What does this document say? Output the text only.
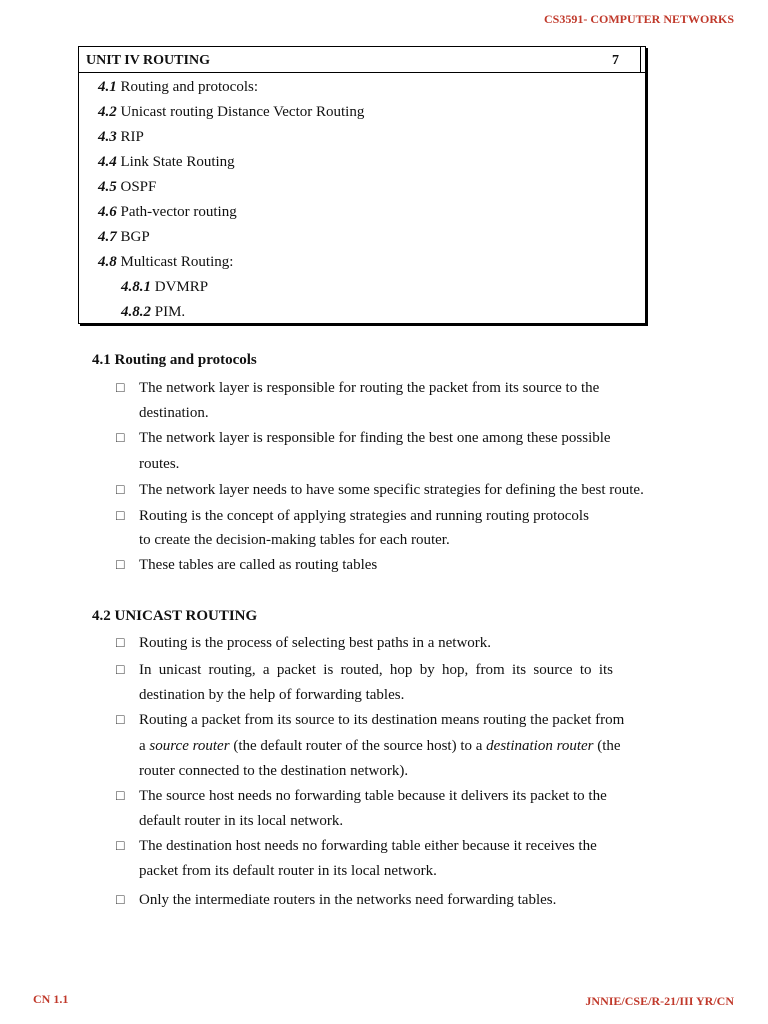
CS3591- COMPUTER NETWORKS
UNIT IV ROUTING	7
4.1 Routing and protocols:
4.2 Unicast routing Distance Vector Routing
4.3 RIP
4.4 Link State Routing
4.5 OSPF
4.6 Path-vector routing
4.7 BGP
4.8 Multicast Routing:
4.8.1 DVMRP
4.8.2 PIM.
4.1 Routing and protocols
□ The network layer is responsible for routing the packet from its source to the
destination.
□ The network layer is responsible for finding the best one among these possible
routes.
□ The network layer needs to have some specific strategies for defining the best route.
□ Routing is the concept of applying strategies and running routing protocols
to create the decision-making tables for each router.
□ These tables are called as routing tables
4.2 UNICAST ROUTING
□ Routing is the process of selecting best paths in a network.
□ In unicast routing, a packet is routed, hop by hop, from its source to its
destination by the help of forwarding tables.
□ Routing a packet from its source to its destination means routing the packet from
a source router (the default router of the source host) to a destination router (the
router connected to the destination network).
□ The source host needs no forwarding table because it delivers its packet to the
default router in its local network.
□ The destination host needs no forwarding table either because it receives the
packet from its default router in its local network.
□ Only the intermediate routers in the networks need forwarding tables.
CN 1.1	JNNIE/CSE/R-21/III YR/CN
